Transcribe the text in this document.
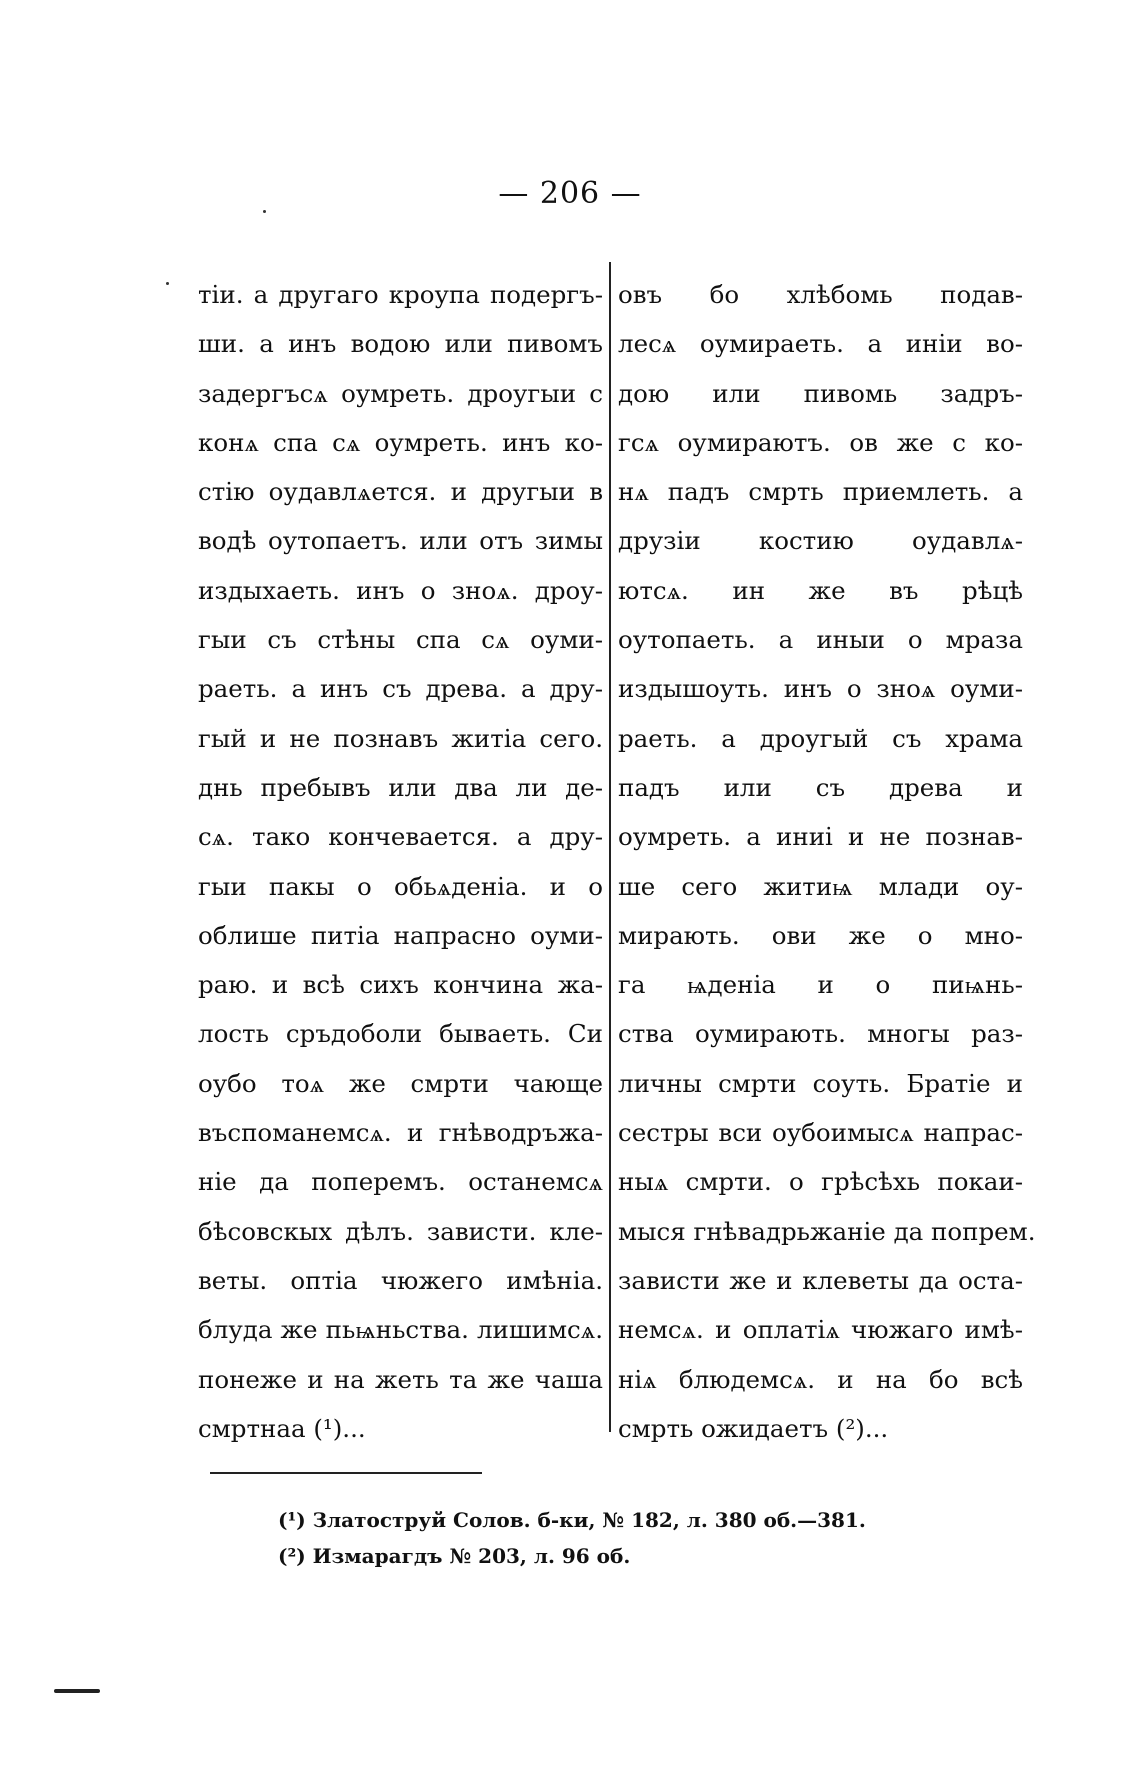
— 206 —
тіи. а другаго кроупа подергъ-
ши. а инъ водою или пивомъ
задергъсѧ оумреть. дроугыи с
конѧ спа сѧ оумреть. инъ ко-
стію оудавлѧется. и другыи в
водѣ оутопаетъ. или отъ зимы
издыхаеть. инъ о зноѧ. дроу-
гыи съ стѣны спа сѧ оуми-
раеть. а инъ съ древа. а дру-
гый и не познавъ житіа сего.
днь пребывъ или два ли де-
сѧ. тако кончевается. а дру-
гыи пакы о обьѧденіа. и о
облише питіа напрасно оуми-
раю. и всѣ сихъ кончина жа-
лость сръдоболи бываеть. Си
оубо тоѧ же смрти чающе
въспоманемсѧ. и гнѣводръжа-
ніе да поперемъ. останемсѧ
бѣсовскых дѣлъ. зависти. кле-
веты. оптіа чюжего имѣніа.
блуда же пьѩньства. лишимсѧ.
понеже и на жеть та же чаша
смртнаа (¹)...
овъ бо хлѣбомь подав-
лесѧ оумираеть. а иніи во-
дою или пивомь задръ-
гсѧ оумираютъ. ов же с ко-
нѧ падъ смрть приемлеть. а
друзіи костию оудавлѧ-
ютсѧ. ин же въ рѣцѣ
оутопаеть. а иныи о мраза
издышоуть. инъ о зноѧ оуми-
раеть. а дроугый съ храма
падъ или съ древа и
оумреть. а иниі и не познав-
ше сего житиѩ млади оу-
мирають. ови же о мно-
га ѩденіа и о пиѩнь-
ства оумирають. многы раз-
личны смрти соуть. Братіе и
сестры вси оубоимысѧ напрас-
ныѧ смрти. о грѣсѣхь покаи-
мыся гнѣвадрьжаніе да попрем.
зависти же и клеветы да оста-
немсѧ. и оплатіѧ чюжаго имѣ-
ніѧ блюдемсѧ. и на бо всѣ
смрть ожидаетъ (²)...
(¹) Златоструй Солов. б-ки, № 182, л. 380 об.—381.
(²) Измарагдъ № 203, л. 96 об.
